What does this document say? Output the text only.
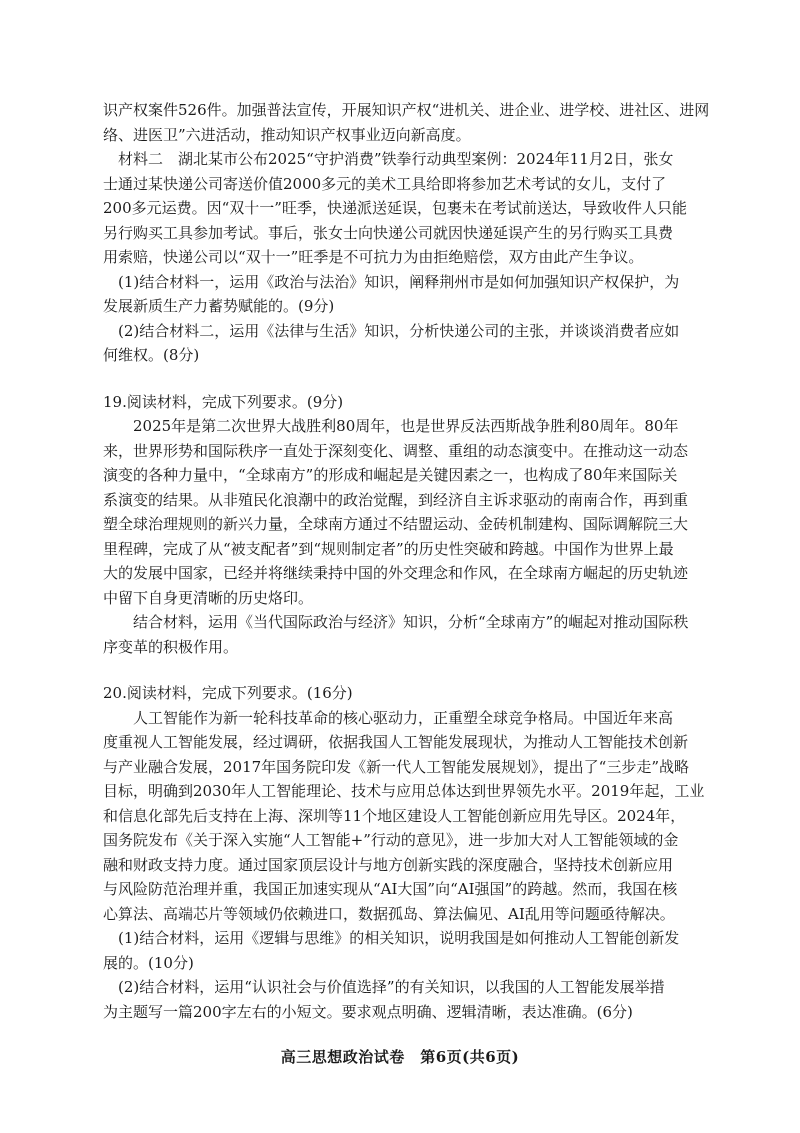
识产权案件526件。加强普法宣传，开展知识产权“进机关、进企业、进学校、进社区、进网
络、进医卫”六进活动，推动知识产权事业迈向新高度。
材料二　湖北某市公布2025“守护消费”铁拳行动典型案例：2024年11月2日，张女
士通过某快递公司寄送价值2000多元的美术工具给即将参加艺术考试的女儿，支付了
200多元运费。因“双十一”旺季，快递派送延误，包裹未在考试前送达，导致收件人只能
另行购买工具参加考试。事后，张女士向快递公司就因快递延误产生的另行购买工具费
用索赔，快递公司以“双十一”旺季是不可抗力为由拒绝赔偿，双方由此产生争议。
(1)结合材料一，运用《政治与法治》知识，阐释荆州市是如何加强知识产权保护，为
发展新质生产力蓄势赋能的。(9分)
(2)结合材料二，运用《法律与生活》知识，分析快递公司的主张，并谈谈消费者应如
何维权。(8分)
19.阅读材料，完成下列要求。(9分)
2025年是第二次世界大战胜利80周年，也是世界反法西斯战争胜利80周年。80年
来，世界形势和国际秩序一直处于深刻变化、调整、重组的动态演变中。在推动这一动态
演变的各种力量中，“全球南方”的形成和崛起是关键因素之一，也构成了80年来国际关
系演变的结果。从非殖民化浪潮中的政治觉醒，到经济自主诉求驱动的南南合作，再到重
塑全球治理规则的新兴力量，全球南方通过不结盟运动、金砖机制建构、国际调解院三大
里程碑，完成了从“被支配者”到“规则制定者”的历史性突破和跨越。中国作为世界上最
大的发展中国家，已经并将继续秉持中国的外交理念和作风，在全球南方崛起的历史轨迹
中留下自身更清晰的历史烙印。
结合材料，运用《当代国际政治与经济》知识，分析“全球南方”的崛起对推动国际秩
序变革的积极作用。
20.阅读材料，完成下列要求。(16分)
人工智能作为新一轮科技革命的核心驱动力，正重塑全球竞争格局。中国近年来高
度重视人工智能发展，经过调研，依据我国人工智能发展现状，为推动人工智能技术创新
与产业融合发展，2017年国务院印发《新一代人工智能发展规划》，提出了“三步走”战略
目标，明确到2030年人工智能理论、技术与应用总体达到世界领先水平。2019年起，工业
和信息化部先后支持在上海、深圳等11个地区建设人工智能创新应用先导区。2024年，
国务院发布《关于深入实施“人工智能+”行动的意见》，进一步加大对人工智能领域的金
融和财政支持力度。通过国家顶层设计与地方创新实践的深度融合，坚持技术创新应用
与风险防范治理并重，我国正加速实现从“AI大国”向“AI强国”的跨越。然而，我国在核
心算法、高端芯片等领域仍依赖进口，数据孤岛、算法偏见、AI乱用等问题亟待解决。
(1)结合材料，运用《逻辑与思维》的相关知识，说明我国是如何推动人工智能创新发
展的。(10分)
(2)结合材料，运用“认识社会与价值选择”的有关知识，以我国的人工智能发展举措
为主题写一篇200字左右的小短文。要求观点明确、逻辑清晰，表达准确。(6分)
高三思想政治试卷　第6页(共6页)
